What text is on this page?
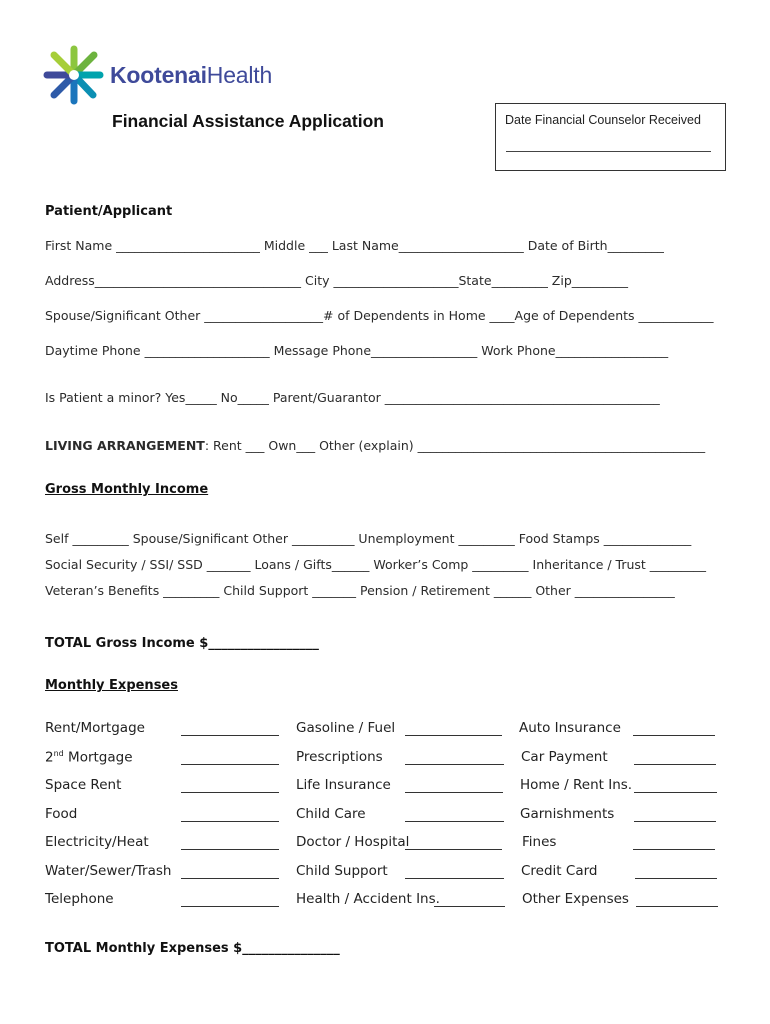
KootenaiHealth
Financial Assistance Application	Date Financial Counselor Received
Patient/Applicant
First Name _______________________ Middle ___ Last Name____________________ Date of Birth_________
Address_________________________________ City ____________________State_________ Zip_________
Spouse/Significant Other ___________________# of Dependents in Home ____Age of Dependents ____________
Daytime Phone ____________________ Message Phone_________________ Work Phone__________________
Is Patient a minor? Yes_____ No_____ Parent/Guarantor ____________________________________________
LIVING ARRANGEMENT: Rent ___ Own___ Other (explain) ______________________________________________
Gross Monthly Income
Self _________ Spouse/Significant Other __________ Unemployment _________ Food Stamps ______________
Social Security / SSI/ SSD _______ Loans / Gifts______ Worker’s Comp _________ Inheritance / Trust _________
Veteran’s Benefits _________ Child Support _______ Pension / Retirement ______ Other ________________
TOTAL Gross Income $_________________
Monthly Expenses
Rent/Mortgage
2nd Mortgage
Space Rent
Food
Electricity/Heat
Water/Sewer/Trash
Telephone
Gasoline / Fuel
Prescriptions
Life Insurance
Child Care
Doctor / Hospital
Child Support
Health / Accident Ins.
Auto Insurance
Car Payment
Home / Rent Ins.
Garnishments
Fines
Credit Card
Other Expenses
TOTAL Monthly Expenses $_______________
